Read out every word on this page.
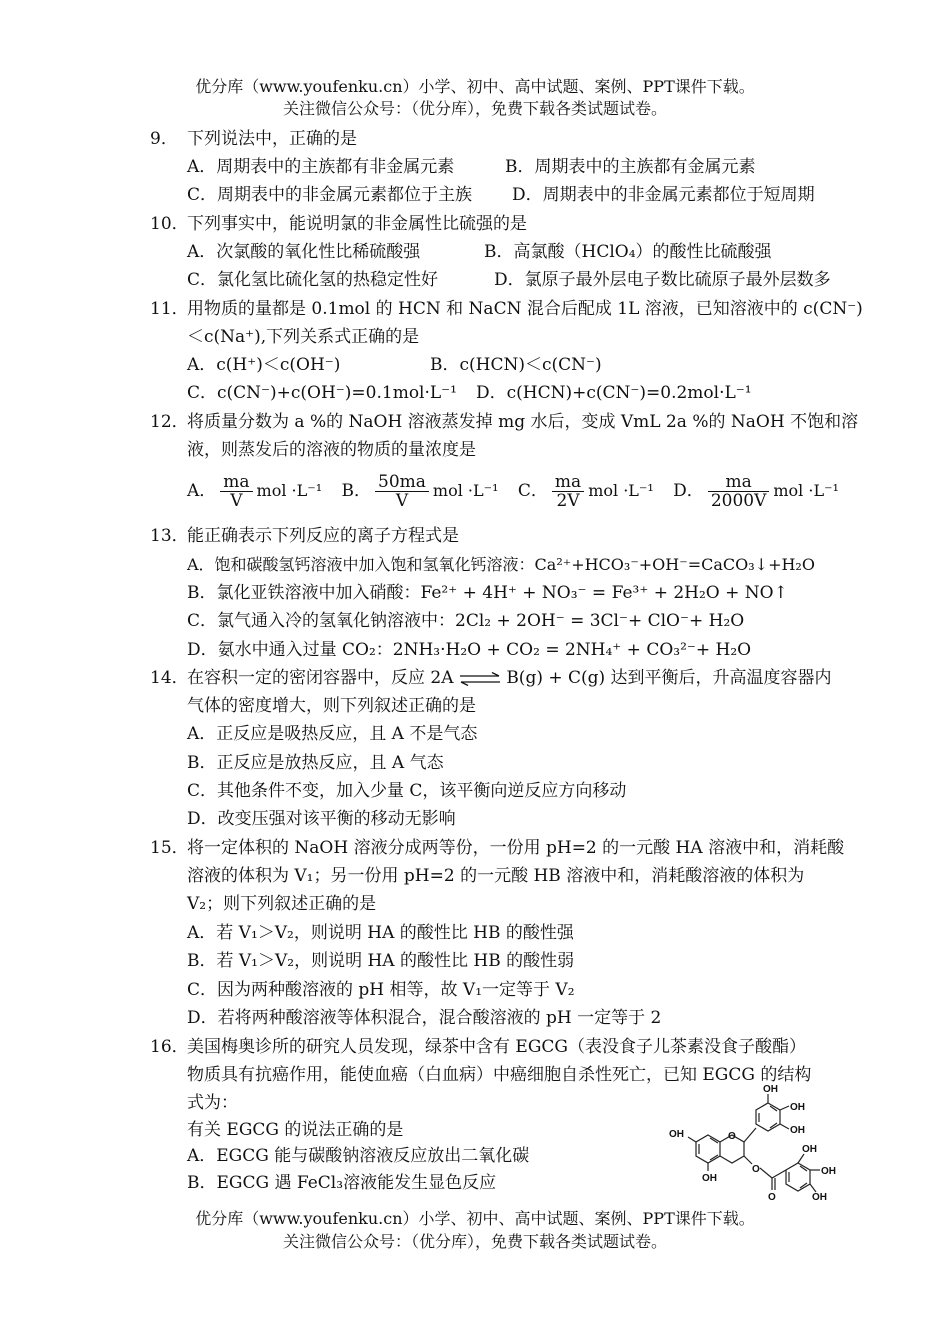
优分库（www.youfenku.cn）小学、初中、高中试题、案例、PPT课件下载。
关注微信公众号：（优分库），免费下载各类试题试卷。
9． 下列说法中，正确的是
A．周期表中的主族都有非金属元素	B．周期表中的主族都有金属元素
C．周期表中的非金属元素都位于主族 D．周期表中的非金属元素都位于短周期
10．
下列事实中，能说明氯的非金属性比硫强的是
A．次氯酸的氧化性比稀硫酸强	B．高氯酸（HClO₄）的酸性比硫酸强
C．氯化氢比硫化氢的热稳定性好	D．氯原子最外层电子数比硫原子最外层数多
11．
用物质的量都是 0.1mol 的 HCN 和 NaCN 混合后配成 1L 溶液，已知溶液中的 c(CN⁻)
＜c(Na⁺),下列关系式正确的是
A．c(H⁺)＜c(OH⁻)	B．c(HCN)＜c(CN⁻)
C．c(CN⁻)+c(OH⁻)=0.1mol·L⁻¹ D．c(HCN)+c(CN⁻)=0.2mol·L⁻¹
12．
将质量分数为 a %的 NaOH 溶液蒸发掉 mg 水后，变成 VmL 2a %的 NaOH 不饱和溶
液，则蒸发后的溶液的物质的量浓度是
A． $\frac{ma}{V}$ mol ·L⁻¹ B． $\frac{50ma}{V}$ mol ·L⁻¹ C． $\frac{ma}{2V}$ mol ·L⁻¹ D． $\frac{ma}{2000V}$ mol ·L⁻¹
13．
能正确表示下列反应的离子方程式是
A．饱和碳酸氢钙溶液中加入饱和氢氧化钙溶液：Ca²⁺+HCO₃⁻+OH⁻=CaCO₃↓+H₂O
B．氯化亚铁溶液中加入硝酸：Fe²⁺ + 4H⁺ + NO₃⁻ = Fe³⁺ + 2H₂O + NO↑
C．氯气通入冷的氢氧化钠溶液中：2Cl₂ + 2OH⁻ = 3Cl⁻+ ClO⁻+ H₂O
D．氨水中通入过量 CO₂：2NH₃·H₂O + CO₂ = 2NH₄⁺ + CO₃²⁻+ H₂O
14．
在容积一定的密闭容器中，反应 2A ⇌ B(g) + C(g) 达到平衡后，升高温度容器内
气体的密度增大，则下列叙述正确的是
A．正反应是吸热反应，且 A 不是气态
B．正反应是放热反应，且 A 气态
C．其他条件不变，加入少量 C，该平衡向逆反应方向移动
D．改变压强对该平衡的移动无影响
15．
将一定体积的 NaOH 溶液分成两等份，一份用 pH=2 的一元酸 HA 溶液中和，消耗酸
溶液的体积为 V₁；另一份用 pH=2 的一元酸 HB 溶液中和，消耗酸溶液的体积为
V₂；则下列叙述正确的是
A．若 V₁＞V₂，则说明 HA 的酸性比 HB 的酸性强
B．若 V₁＞V₂，则说明 HA 的酸性比 HB 的酸性弱
C．因为两种酸溶液的 pH 相等，故 V₁一定等于 V₂
D．若将两种酸溶液等体积混合，混合酸溶液的 pH 一定等于 2
16．
美国梅奥诊所的研究人员发现，绿茶中含有 EGCG（表没食子儿茶素没食子酸酯）
物质具有抗癌作用，能使血癌（白血病）中癌细胞自杀性死亡，已知 EGCG 的结构
式为：
有关 EGCG 的说法正确的是
A．EGCG 能与碳酸钠溶液反应放出二氧化碳
B．EGCG 遇 FeCl₃溶液能发生显色反应
OH
OH
OH
OH
OH
OH
OH
OH
O
O
O
优分库（www.youfenku.cn）小学、初中、高中试题、案例、PPT课件下载。
关注微信公众号：（优分库），免费下载各类试题试卷。
